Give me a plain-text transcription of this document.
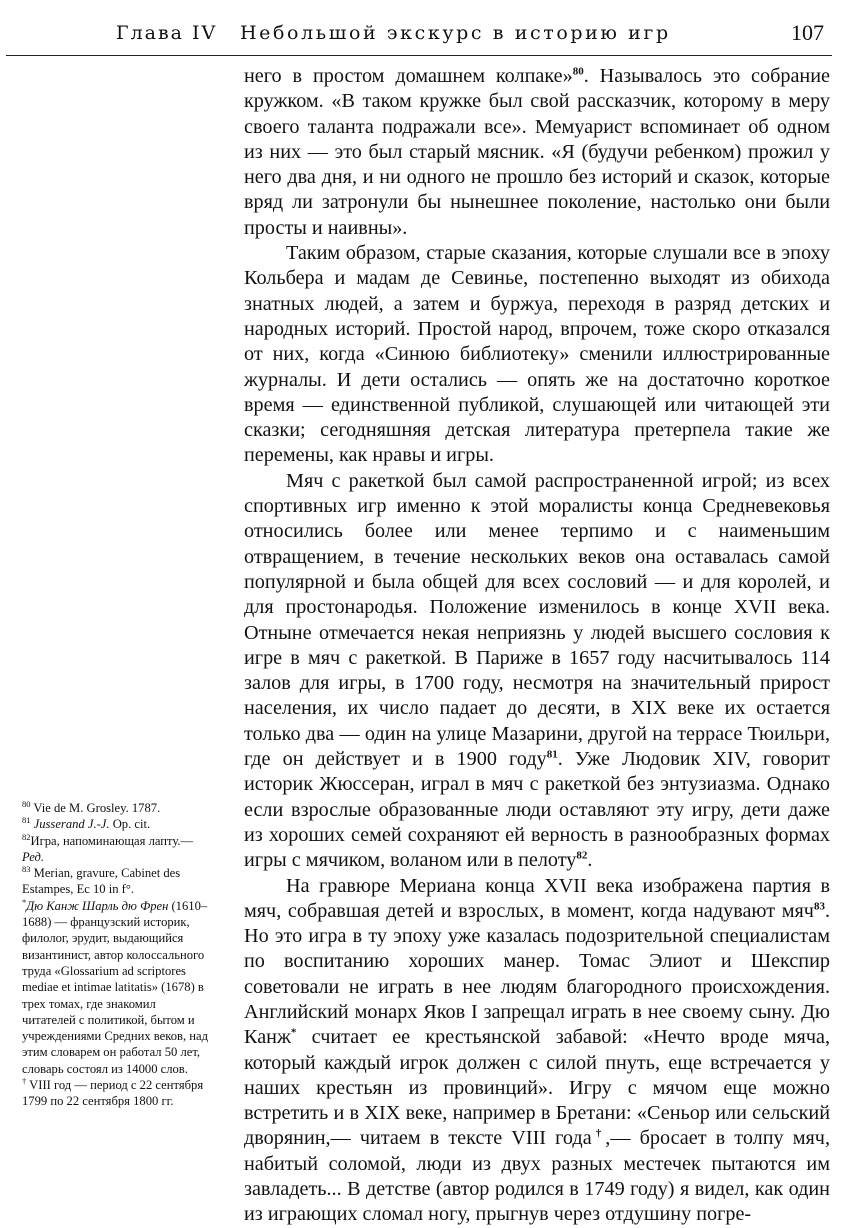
Глава IV Небольшой экскурс в историю игр	107

него в простом домашнем колпаке»$^{80}$. Называлось это собрание кружком. «В таком кружке был свой рассказчик, которому в меру своего таланта подражали все». Мемуарист вспоминает об одном из них — это был старый мясник. «Я (будучи ребенком) прожил у него два дня, и ни одного не прошло без историй и сказок, которые вряд ли затронули бы нынешнее поколение, настолько они были просты и наивны».

Таким образом, старые сказания, которые слушали все в эпоху Кольбера и мадам де Севинье, постепенно выходят из обихода знатных людей, а затем и буржуа, переходя в разряд детских и народных историй. Простой народ, впрочем, тоже скоро отказался от них, когда «Синюю библиотеку» сменили иллюстрированные журналы. И дети остались — опять же на достаточно короткое время — единственной публикой, слушающей или читающей эти сказки; сегодняшняя детская литература претерпела такие же перемены, как нравы и игры.

Мяч с ракеткой был самой распространенной игрой; из всех спортивных игр именно к этой моралисты конца Средневековья относились более или менее терпимо и с наименьшим отвращением, в течение нескольких веков она оставалась самой популярной и была общей для всех сословий — и для королей, и для простонародья. Положение изменилось в конце XVII века. Отныне отмечается некая неприязнь у людей высшего сословия к игре в мяч с ракеткой. В Париже в 1657 году насчитывалось 114 залов для игры, в 1700 году, несмотря на значительный прирост населения, их число падает до десяти, в XIX веке их остается только два — один на улице Мазарини, другой на террасе Тюильри, где он действует и в 1900 году$^{81}$. Уже Людовик XIV, говорит историк Жюссеран, играл в мяч с ракеткой без энтузиазма. Однако если взрослые образованные люди оставляют эту игру, дети даже из хороших семей сохраняют ей верность в разнообразных формах игры с мячиком, воланом или в пелоту$^{82}$.

На гравюре Мериана конца XVII века изображена партия в мяч, собравшая детей и взрослых, в момент, когда надувают мяч$^{83}$. Но это игра в ту эпоху уже казалась подозрительной специалистам по воспитанию хороших манер. Томас Элиот и Шекспир советовали не играть в нее людям благородного происхождения. Английский монарх Яков I запрещал играть в нее своему сыну. Дю Канж* считает ее крестьянской забавой: «Нечто вроде мяча, который каждый игрок должен с силой пнуть, еще встречается у наших крестьян из провинций». Игру с мячом еще можно встретить и в XIX веке, например в Бретани: «Сеньор или сельский дворянин,— читаем в тексте VIII года†,— бросает в толпу мяч, набитый соломой, люди из двух разных местечек пытаются им завладеть... В детстве (автор родился в 1749 году) я видел, как один из играющих сломал ногу, прыгнув через отдушину погре-

$^{80}$ Vie de M. Grosley. 1787.

$^{81}$ Jusserand J.-J. Op. cit.

$^{82}$Игра, напоминающая лапту.— Ред.

$^{83}$ Merian, gravure, Cabinet des Estampes, Ec 10 in f°.

*Дю Канж Шарль дю Френ (1610–1688) — французский историк, филолог, эрудит, выдающийся византинист, автор колоссального труда «Glossarium ad scriptores mediae et intimae latitatis» (1678) в трех томах, где знакомил читателей с политикой, бытом и учреждениями Средних веков, над этим словарем он работал 50 лет, словарь состоял из 14000 слов.

† VIII год — период с 22 сентября 1799 по 22 сентября 1800 гг.
